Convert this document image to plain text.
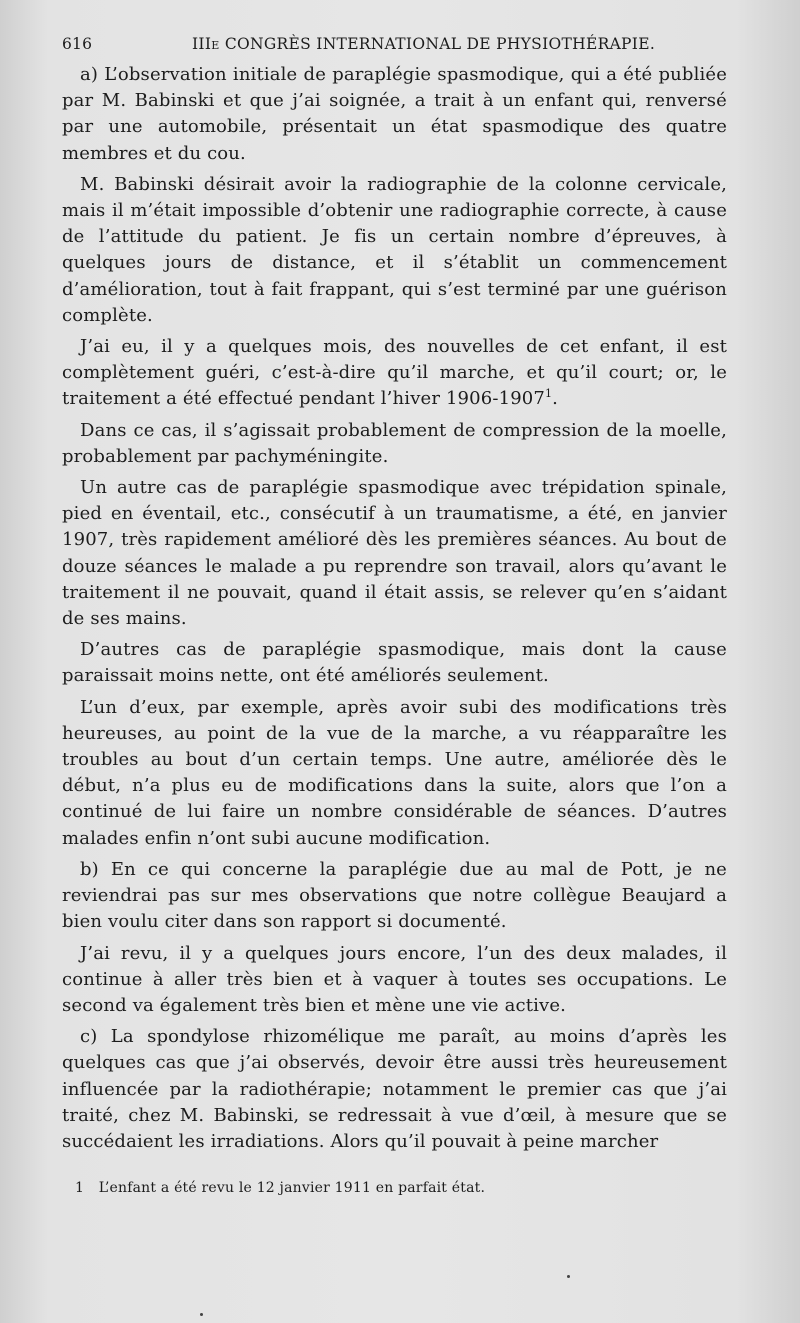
616	IIIe CONGRÈS INTERNATIONAL DE PHYSIOTHÉRAPIE.

a) L’observation initiale de paraplégie spasmodique, qui a été publiée par M. Babinski et que j’ai soignée, a trait à un enfant qui, renversé par une automobile, présentait un état spasmodique des quatre membres et du cou.

M. Babinski désirait avoir la radiographie de la colonne cervicale, mais il m’était impossible d’obtenir une radiographie correcte, à cause de l’attitude du patient. Je fis un certain nombre d’épreuves, à quelques jours de distance, et il s’établit un commencement d’amélioration, tout à fait frappant, qui s’est terminé par une guérison complète.

J’ai eu, il y a quelques mois, des nouvelles de cet enfant, il est complètement guéri, c’est-à-dire qu’il marche, et qu’il court; or, le traitement a été effectué pendant l’hiver 1906-1907$^1$.

Dans ce cas, il s’agissait probablement de compression de la moelle, probablement par pachyméningite.

Un autre cas de paraplégie spasmodique avec trépidation spinale, pied en éventail, etc., consécutif à un traumatisme, a été, en janvier 1907, très rapidement amélioré dès les premières séances. Au bout de douze séances le malade a pu reprendre son travail, alors qu’avant le traitement il ne pouvait, quand il était assis, se relever qu’en s’aidant de ses mains.

D’autres cas de paraplégie spasmodique, mais dont la cause paraissait moins nette, ont été améliorés seulement.

L’un d’eux, par exemple, après avoir subi des modifications très heureuses, au point de la vue de la marche, a vu réapparaître les troubles au bout d’un certain temps. Une autre, améliorée dès le début, n’a plus eu de modifications dans la suite, alors que l’on a continué de lui faire un nombre considérable de séances. D’autres malades enfin n’ont subi aucune modification.

b) En ce qui concerne la paraplégie due au mal de Pott, je ne reviendrai pas sur mes observations que notre collègue Beaujard a bien voulu citer dans son rapport si documenté.

J’ai revu, il y a quelques jours encore, l’un des deux malades, il continue à aller très bien et à vaquer à toutes ses occupations. Le second va également très bien et mène une vie active.

c) La spondylose rhizomélique me paraît, au moins d’après les quelques cas que j’ai observés, devoir être aussi très heureusement influencée par la radiothérapie; notamment le premier cas que j’ai traité, chez M. Babinski, se redressait à vue d’œil, à mesure que se succédaient les irradiations. Alors qu’il pouvait à peine marcher

1 L’enfant a été revu le 12 janvier 1911 en parfait état.
